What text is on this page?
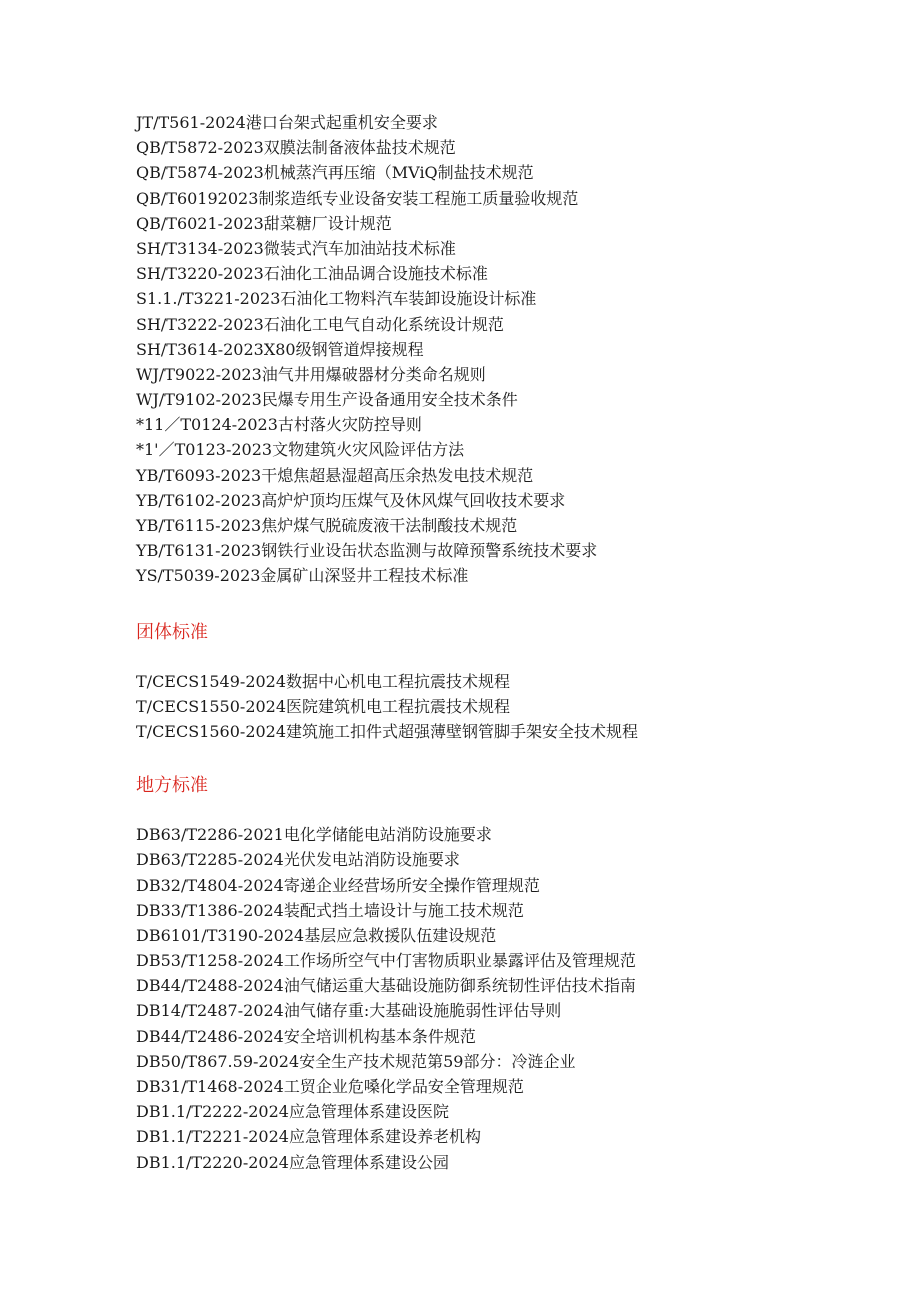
JT/T561-2024港口台架式起重机安全要求
QB/T5872-2023双膜法制备液体盐技术规范
QB/T5874-2023机械蒸汽再压缩（MViQ制盐技术规范
QB/T60192023制浆造纸专业设备安装工程施工质量验收规范
QB/T6021-2023甜菜糖厂设计规范
SH/T3134-2023微装式汽车加油站技术标准
SH/T3220-2023石油化工油品调合设施技术标准
S1.1./T3221-2023石油化工物料汽车装卸设施设计标准
SH/T3222-2023石油化工电气自动化系统设计规范
SH/T3614-2023X80级钢管道焊接规程
WJ/T9022-2023油气井用爆破器材分类命名规则
WJ/T9102-2023民爆专用生产设备通用安全技术条件
*11／T0124-2023古村落火灾防控导则
*1'／T0123-2023文物建筑火灾风险评估方法
YB/T6093-2023干熄焦超悬湿超高压余热发电技术规范
YB/T6102-2023高炉炉顶均压煤气及休风煤气回收技术要求
YB/T6115-2023焦炉煤气脱硫废液干法制酸技术规范
YB/T6131-2023钢铁行业设缶状态监测与故障预警系统技术要求
YS/T5039-2023金属矿山深竖井工程技术标准
团体标准
T/CECS1549-2024数据中心机电工程抗震技术规程
T/CECS1550-2024医院建筑机电工程抗震技术规程
T/CECS1560-2024建筑施工扣件式超强薄壁钢管脚手架安全技术规程
地方标准
DB63/T2286-2021电化学储能电站消防设施要求
DB63/T2285-2024光伏发电站消防设施要求
DB32/T4804-2024寄递企业经营场所安全操作管理规范
DB33/T1386-2024装配式挡土墙设计与施工技术规范
DB6101/T3190-2024基层应急救援队伍建设规范
DB53/T1258-2024工作场所空气中仃害物质职业暴露评估及管理规范
DB44/T2488-2024油气储运重大基础设施防御系统韧性评估技术指南
DB14/T2487-2024油气储存重:大基础设施脆弱性评估导则
DB44/T2486-2024安全培训机构基本条件规范
DB50/T867.59-2024安全生产技术规范第59部分：冷涟企业
DB31/T1468-2024工贸企业危嗓化学品安全管理规范
DB1.1/T2222-2024应急管理体系建设医院
DB1.1/T2221-2024应急管理体系建设养老机构
DB1.1/T2220-2024应急管理体系建设公园
